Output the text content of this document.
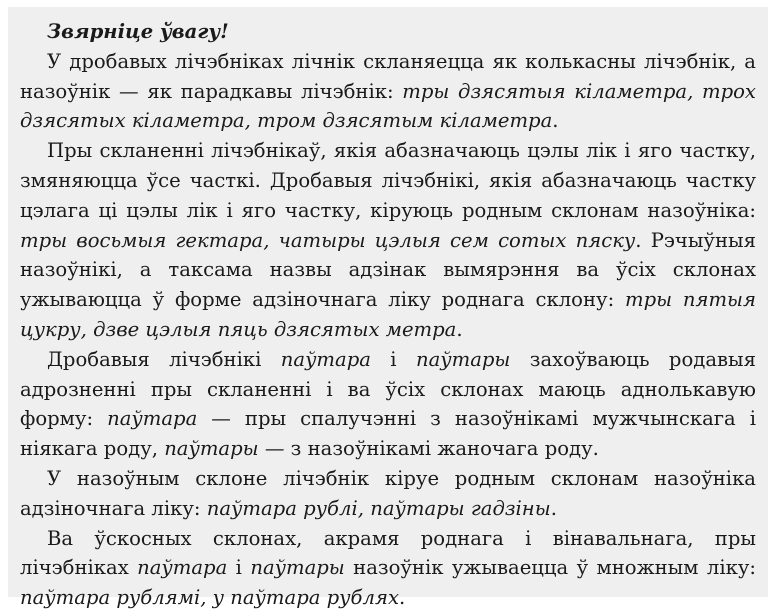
Звярніце ўвагу!

У дробавых лічэбніках лічнік скланяецца як колькасны лічэбнік, а назоўнік — як парадкавы лічэбнік: тры дзясятыя кіламетра, трох дзясятых кіламетра, тром дзясятым кіламетра.

Пры скланенні лічэбнікаў, якія абазначаюць цэлы лік і яго частку, змяняюцца ўсе часткі. Дробавыя лічэбнікі, якія абазначаюць частку цэлага ці цэлы лік і яго частку, кіруюць родным склонам назоўніка: тры восьмыя гектара, чатыры цэлыя сем сотых пяску. Рэчыўныя назоўнікі, а таксама назвы адзінак вымярэння ва ўсіх склонах ужываюцца ў форме адзіночнага ліку роднага склону: тры пятыя цукру, дзве цэлыя пяць дзясятых метра.

Дробавыя лічэбнікі паўтара і паўтары захоўваюць родавыя адрозненні пры скланенні і ва ўсіх склонах маюць аднолькавую форму: паўтара — пры спалучэнні з назоўнікамі мужчынскага і ніякага роду, паўтары — з назоўнікамі жаночага роду.

У назоўным склоне лічэбнік кіруе родным склонам назоўніка адзіночнага ліку: паўтара рублі, паўтары гадзіны.

Ва ўскосных склонах, акрамя роднага і вінавальнага, пры лічэбніках паўтара і паўтары назоўнік ужываецца ў множным ліку: паўтара рублямі, у паўтара рублях.
